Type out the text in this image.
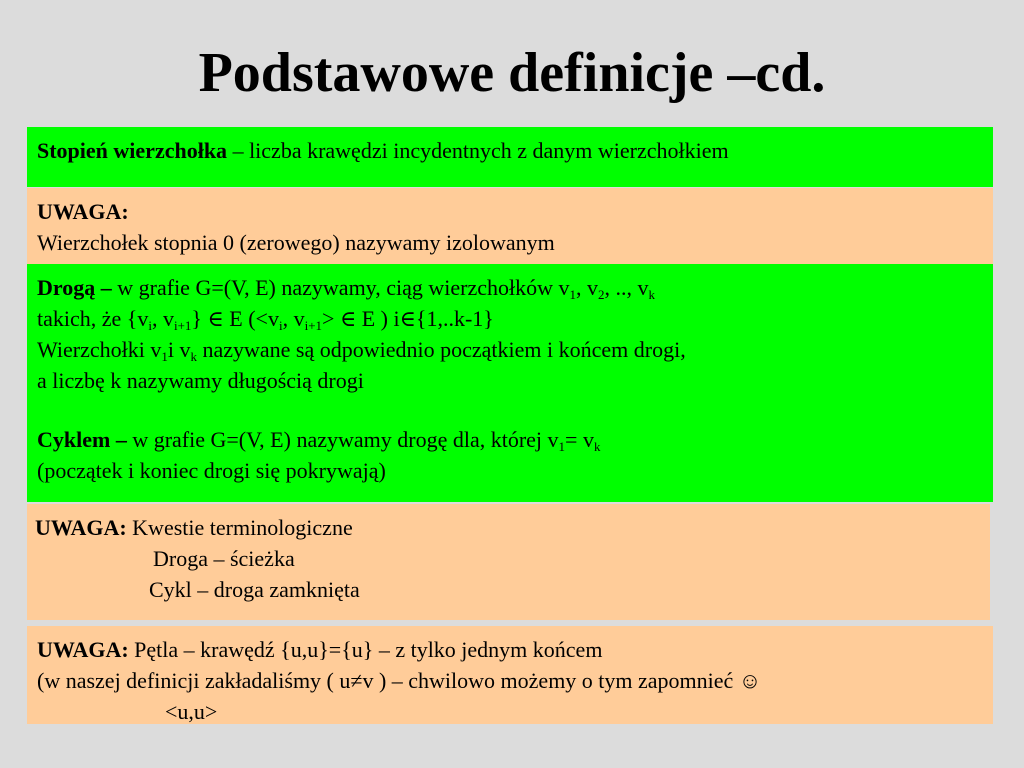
Podstawowe definicje –cd.
Stopień wierzchołka – liczba krawędzi incydentnych z danym wierzchołkiem
UWAGA:
Wierzchołek stopnia 0 (zerowego) nazywamy izolowanym
Drogą – w grafie G=(V, E) nazywamy, ciąg wierzchołków $v_1$, $v_2$, .., $v_k$
takich, że {$v_i$, $v_{i+1}$} ∈ E ($<v_i$, $v_{i+1}>$ ∈ E ) i∈{1,..k-1}
Wierzchołki $v_1i$ $v_k$ nazywane są odpowiednio początkiem i końcem drogi,
a liczbę k nazywamy długością drogi
Cyklem – w grafie G=(V, E) nazywamy drogę dla, której $v_1= v_k$
(początek i koniec drogi się pokrywają)
UWAGA: Kwestie terminologiczne
Droga – ścieżka
Cykl – droga zamknięta
UWAGA: Pętla – krawędź {u,u}={u} – z tylko jednym końcem
(w naszej definicji zakładaliśmy ( u≠v ) – chwilowo możemy o tym zapomnieć ☺
<u,u>
